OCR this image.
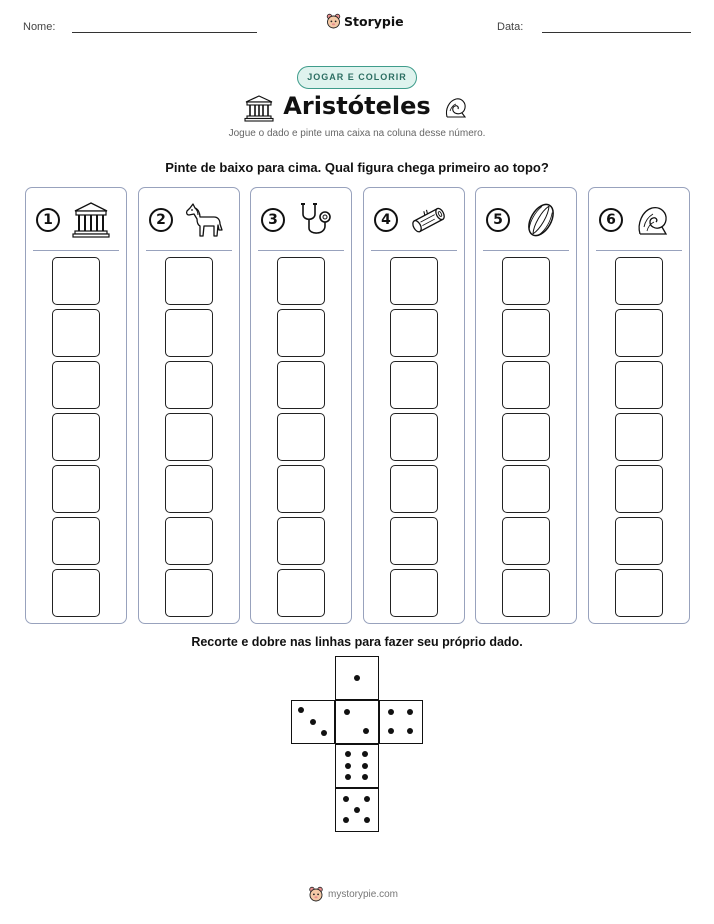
Nome:	Storypie	Data:
JOGAR E COLORIR
Aristóteles
Jogue o dado e pinte uma caixa na coluna desse número.
Pinte de baixo para cima. Qual figura chega primeiro ao topo?
1	2	3	4	5	6
Recorte e dobre nas linhas para fazer seu próprio dado.
mystorypie.com
